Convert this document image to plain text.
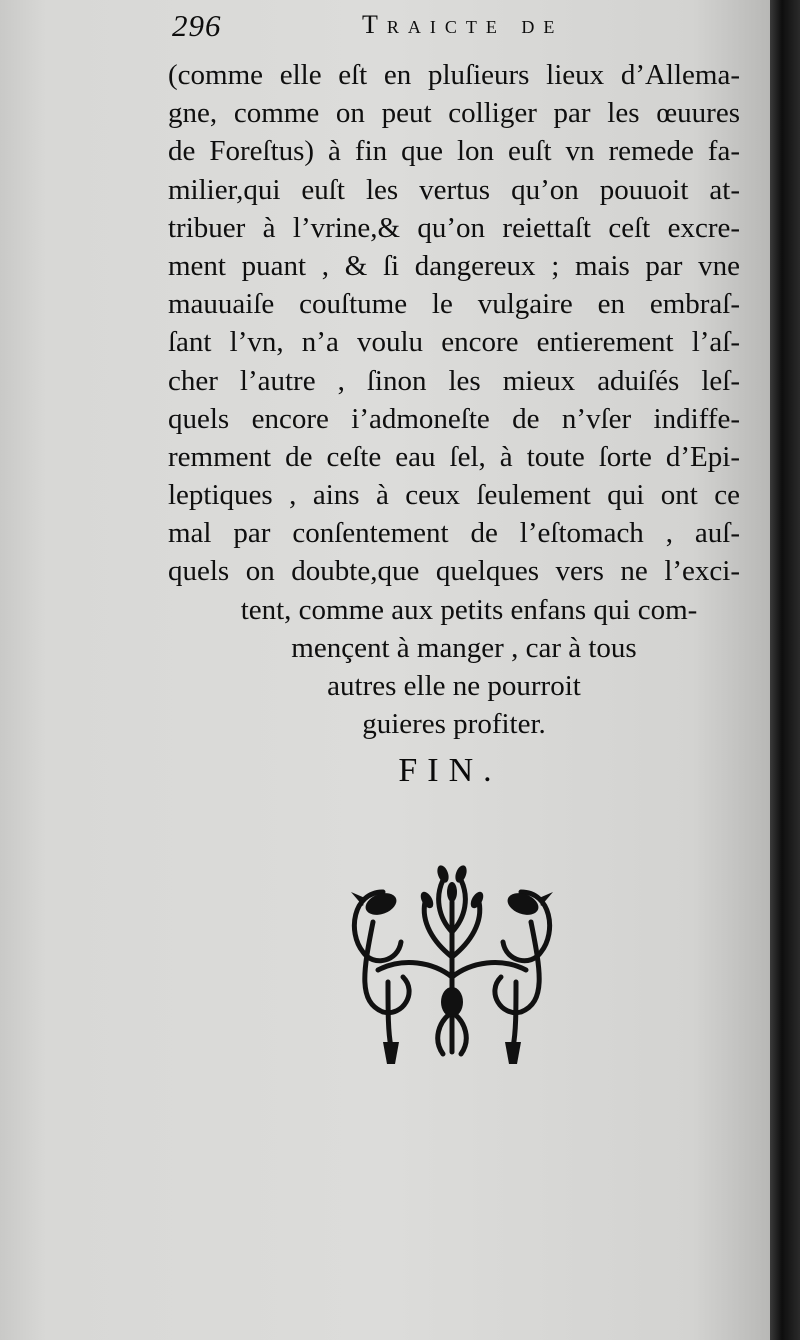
296	Traicte de
(comme elle eſt en pluſieurs lieux d’Allema-
gne, comme on peut colliger par les œuures
de Foreſtus) à fin que lon euſt vn remede fa-
milier,qui euſt les vertus qu’on pouuoit at-
tribuer à l’vrine,& qu’on reiettaſt ceſt excre-
ment puant , & ſi dangereux ; mais par vne
mauuaiſe couſtume le vulgaire en embraſ-
ſant l’vn, n’a voulu encore entierement l’aſ-
cher l’autre , ſinon les mieux aduiſés leſ-
quels encore i’admoneſte de n’vſer indiffe-
remment de ceſte eau ſel, à toute ſorte d’Epi-
leptiques , ains à ceux ſeulement qui ont ce
mal par conſentement de l’eſtomach , auſ-
quels on doubte,que quelques vers ne l’exci-
tent, comme aux petits enfans qui com-
mençent à manger , car à tous
autres elle ne pourroit
guieres profiter.
FIN.
